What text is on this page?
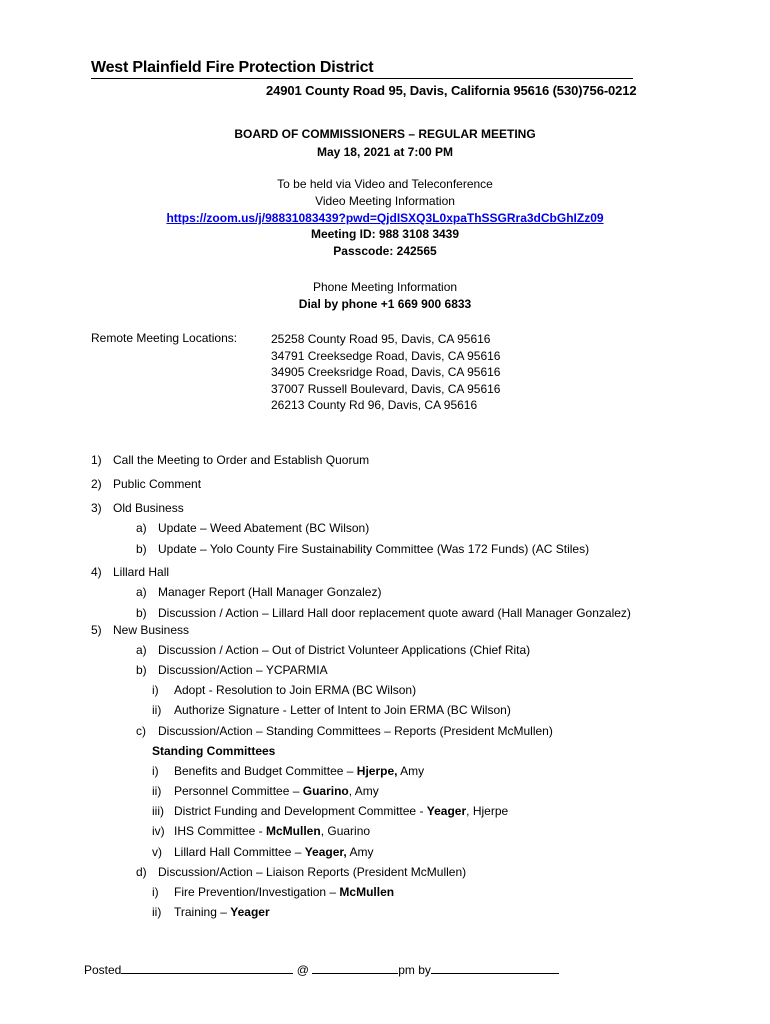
West Plainfield Fire Protection District
24901 County Road 95, Davis, California 95616 (530)756-0212
BOARD OF COMMISSIONERS – REGULAR MEETING
May 18, 2021 at 7:00 PM
To be held via Video and Teleconference
Video Meeting Information
https://zoom.us/j/98831083439?pwd=QjdISXQ3L0xpaThSSGRra3dCbGhIZz09
Meeting ID: 988 3108 3439
Passcode: 242565
Phone Meeting Information
Dial by phone +1 669 900 6833
Remote Meeting Locations:	25258 County Road 95, Davis, CA 95616
34791 Creeksedge Road, Davis, CA 95616
34905 Creeksridge Road, Davis, CA 95616
37007 Russell Boulevard, Davis, CA 95616
26213 County Rd 96, Davis, CA 95616
1) Call the Meeting to Order and Establish Quorum
2) Public Comment
3) Old Business
a) Update – Weed Abatement (BC Wilson)
b) Update – Yolo County Fire Sustainability Committee (Was 172 Funds) (AC Stiles)
4) Lillard Hall
a) Manager Report (Hall Manager Gonzalez)
b) Discussion / Action – Lillard Hall door replacement quote award (Hall Manager Gonzalez)
5) New Business
a) Discussion / Action – Out of District Volunteer Applications (Chief Rita)
b) Discussion/Action – YCPARMIA
i) Adopt - Resolution to Join ERMA (BC Wilson)
ii) Authorize Signature - Letter of Intent to Join ERMA (BC Wilson)
c) Discussion/Action – Standing Committees – Reports (President McMullen)
Standing Committees
i) Benefits and Budget Committee – Hjerpe, Amy
ii) Personnel Committee – Guarino, Amy
iii) District Funding and Development Committee - Yeager, Hjerpe
iv) IHS Committee - McMullen, Guarino
v) Lillard Hall Committee – Yeager, Amy
d) Discussion/Action – Liaison Reports (President McMullen)
i) Fire Prevention/Investigation – McMullen
ii) Training – Yeager
Posted	@	pm by
